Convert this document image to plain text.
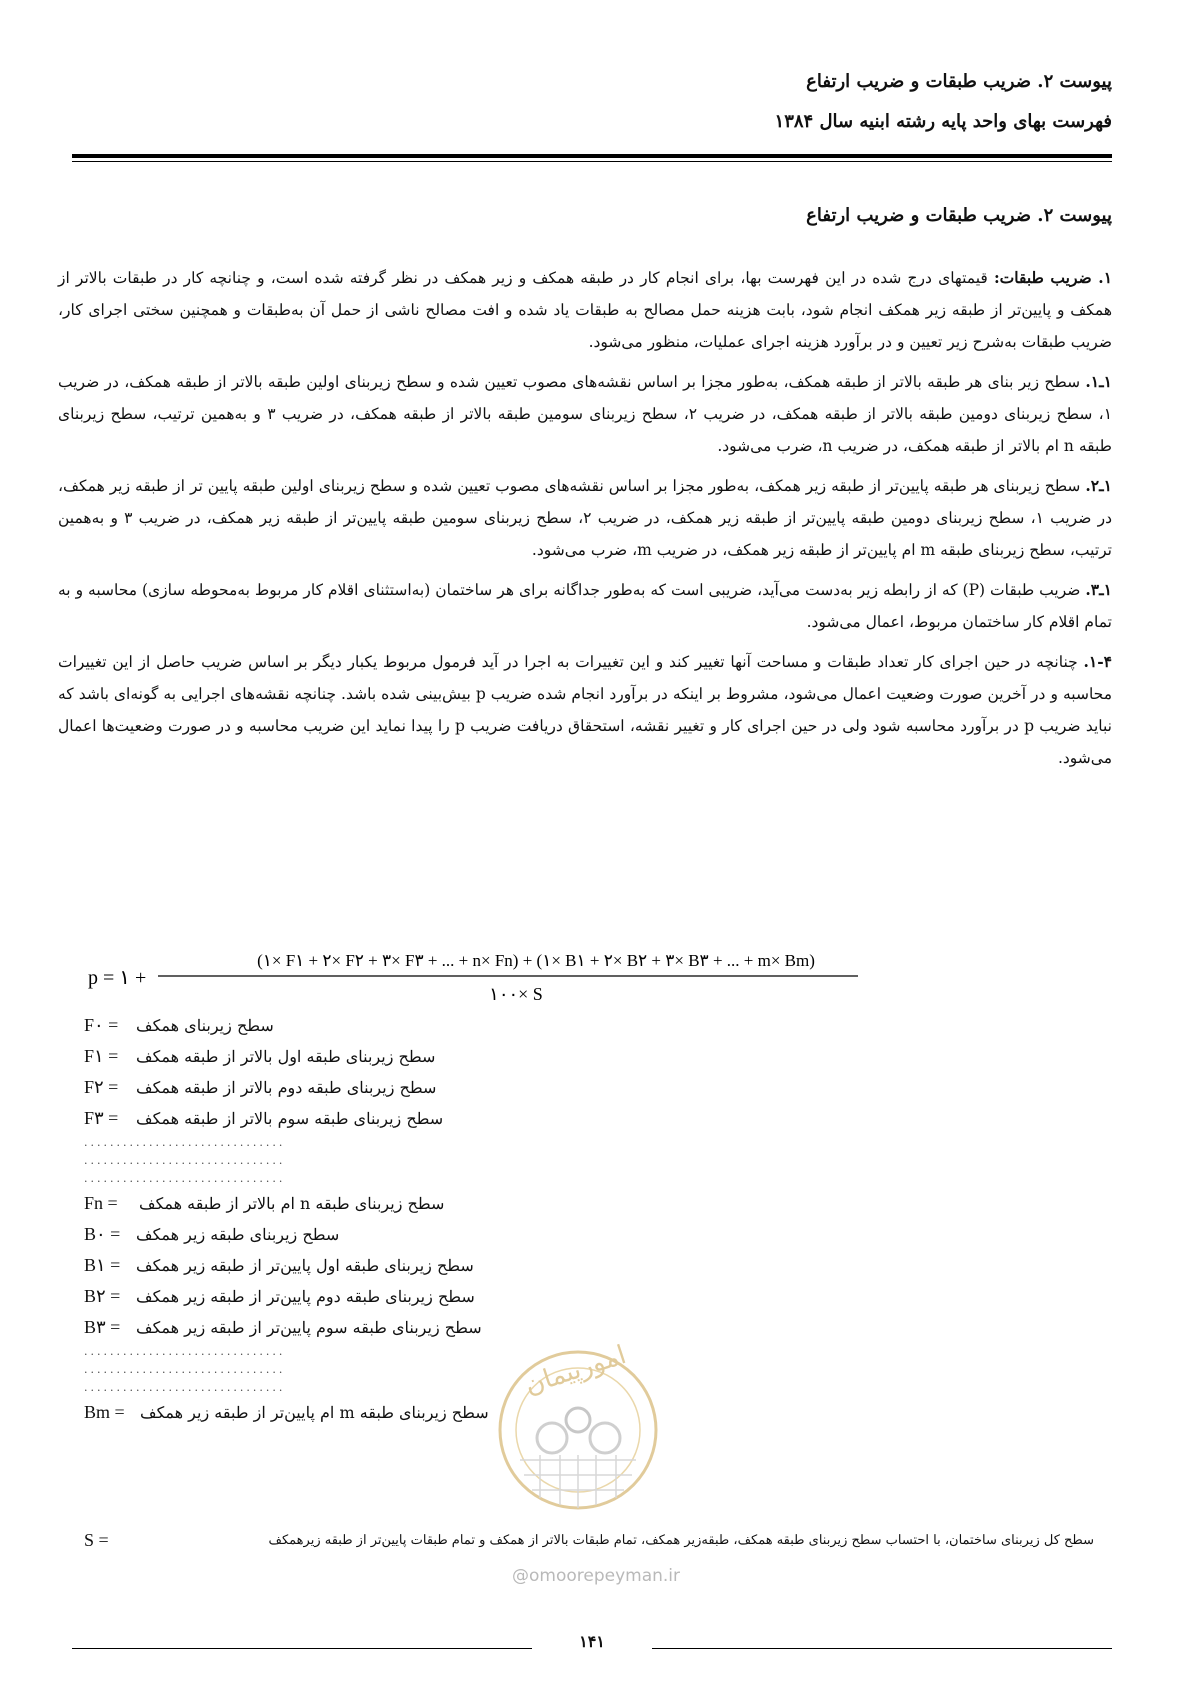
پیوست ۲. ضریب طبقات و ضریب ارتفاع
فهرست بهای واحد پایه رشته ابنیه سال ۱۳۸۴
پیوست ۲. ضریب طبقات و ضریب ارتفاع

۱. ضریب طبقات: قیمتهای درج شده در این فهرست بها، برای انجام کار در طبقه همکف و زیر همکف در نظر گرفته شده است، و چنانچه کار در طبقات بالاتر از همکف و پایین‌تر از طبقه زیر همکف انجام شود، بابت هزینه حمل مصالح به طبقات یاد شده و افت مصالح ناشی از حمل آن به‌طبقات و همچنین سختی اجرای کار، ضریب طبقات به‌شرح زیر تعیین و در برآورد هزینه اجرای عملیات، منظور می‌شود.

۱ـ۱. سطح زیر بنای هر طبقه بالاتر از طبقه همکف، به‌طور مجزا بر اساس نقشه‌های مصوب تعیین شده و سطح زیربنای اولین طبقه بالاتر از طبقه همکف، در ضریب ۱، سطح زیربنای دومین طبقه بالاتر از طبقه همکف، در ضریب ۲، سطح زیربنای سومین طبقه بالاتر از طبقه همکف، در ضریب ۳ و به‌همین ترتیب، سطح زیربنای طبقه n ام بالاتر از طبقه همکف، در ضریب n، ضرب می‌شود.

۱ـ۲. سطح زیربنای هر طبقه پایین‌تر از طبقه زیر همکف، به‌طور مجزا بر اساس نقشه‌های مصوب تعیین شده و سطح زیربنای اولین طبقه پایین تر از طبقه زیر همکف، در ضریب ۱، سطح زیربنای دومین طبقه پایین‌تر از طبقه زیر همکف، در ضریب ۲، سطح زیربنای سومین طبقه پایین‌تر از طبقه زیر همکف، در ضریب ۳ و به‌همین ترتیب، سطح زیربنای طبقه m ام پایین‌تر از طبقه زیر همکف، در ضریب m، ضرب می‌شود.

۱ـ۳. ضریب طبقات (P) که از رابطه زیر به‌دست می‌آید، ضریبی است که به‌طور جداگانه برای هر ساختمان (به‌استثنای اقلام کار مربوط به‌محوطه سازی) محاسبه و به تمام اقلام کار ساختمان مربوط، اعمال می‌شود.

۱-۴. چنانچه در حین اجرای کار تعداد طبقات و مساحت آنها تغییر کند و این تغییرات به اجرا در آید فرمول مربوط یکبار دیگر بر اساس ضریب حاصل از این تغییرات محاسبه و در آخرین صورت وضعیت اعمال می‌شود، مشروط بر اینکه در برآورد انجام شده ضریب p بیش‌بینی شده باشد. چنانچه نقشه‌های اجرایی به گونه‌ای باشد که نباید ضریب p در برآورد محاسبه شود ولی در حین اجرای کار و تغییر نقشه، استحقاق دریافت ضریب p را پیدا نماید این ضریب محاسبه و در صورت وضعیت‌ها اعمال می‌شود.

p = ۱ +
(۱× F۱ + ۲× F۲ + ۳× F۳ + ... + n× Fn) + (۱× B۱ + ۲× B۲ + ۳× B۳ + ... + m× Bm)
۱۰۰× S
F۰ = سطح زیربنای همکف
F۱ = سطح زیربنای طبقه اول بالاتر از طبقه همکف
F۲ = سطح زیربنای طبقه دوم بالاتر از طبقه همکف
F۳ = سطح زیربنای طبقه سوم بالاتر از طبقه همکف
...............................
...............................
...............................
Fn = سطح زیربنای طبقه n ام بالاتر از طبقه همکف
B۰ = سطح زیربنای طبقه زیر همکف
B۱ = سطح زیربنای طبقه اول پایین‌تر از طبقه زیر همکف
B۲ = سطح زیربنای طبقه دوم پایین‌تر از طبقه زیر همکف
B۳ = سطح زیربنای طبقه سوم پایین‌تر از طبقه زیر همکف
...............................
...............................
...............................
Bm = سطح زیربنای طبقه m ام پایین‌تر از طبقه زیر همکف
S =	سطح کل زیربنای ساختمان، با احتساب سطح زیربنای طبقه همکف، طبقه‌زیر همکف، تمام طبقات بالاتر از همکف و تمام طبقات پایین‌تر از طبقه زیرهمکف
امورپیمان
@omoorepeyman.ir
۱۴۱
